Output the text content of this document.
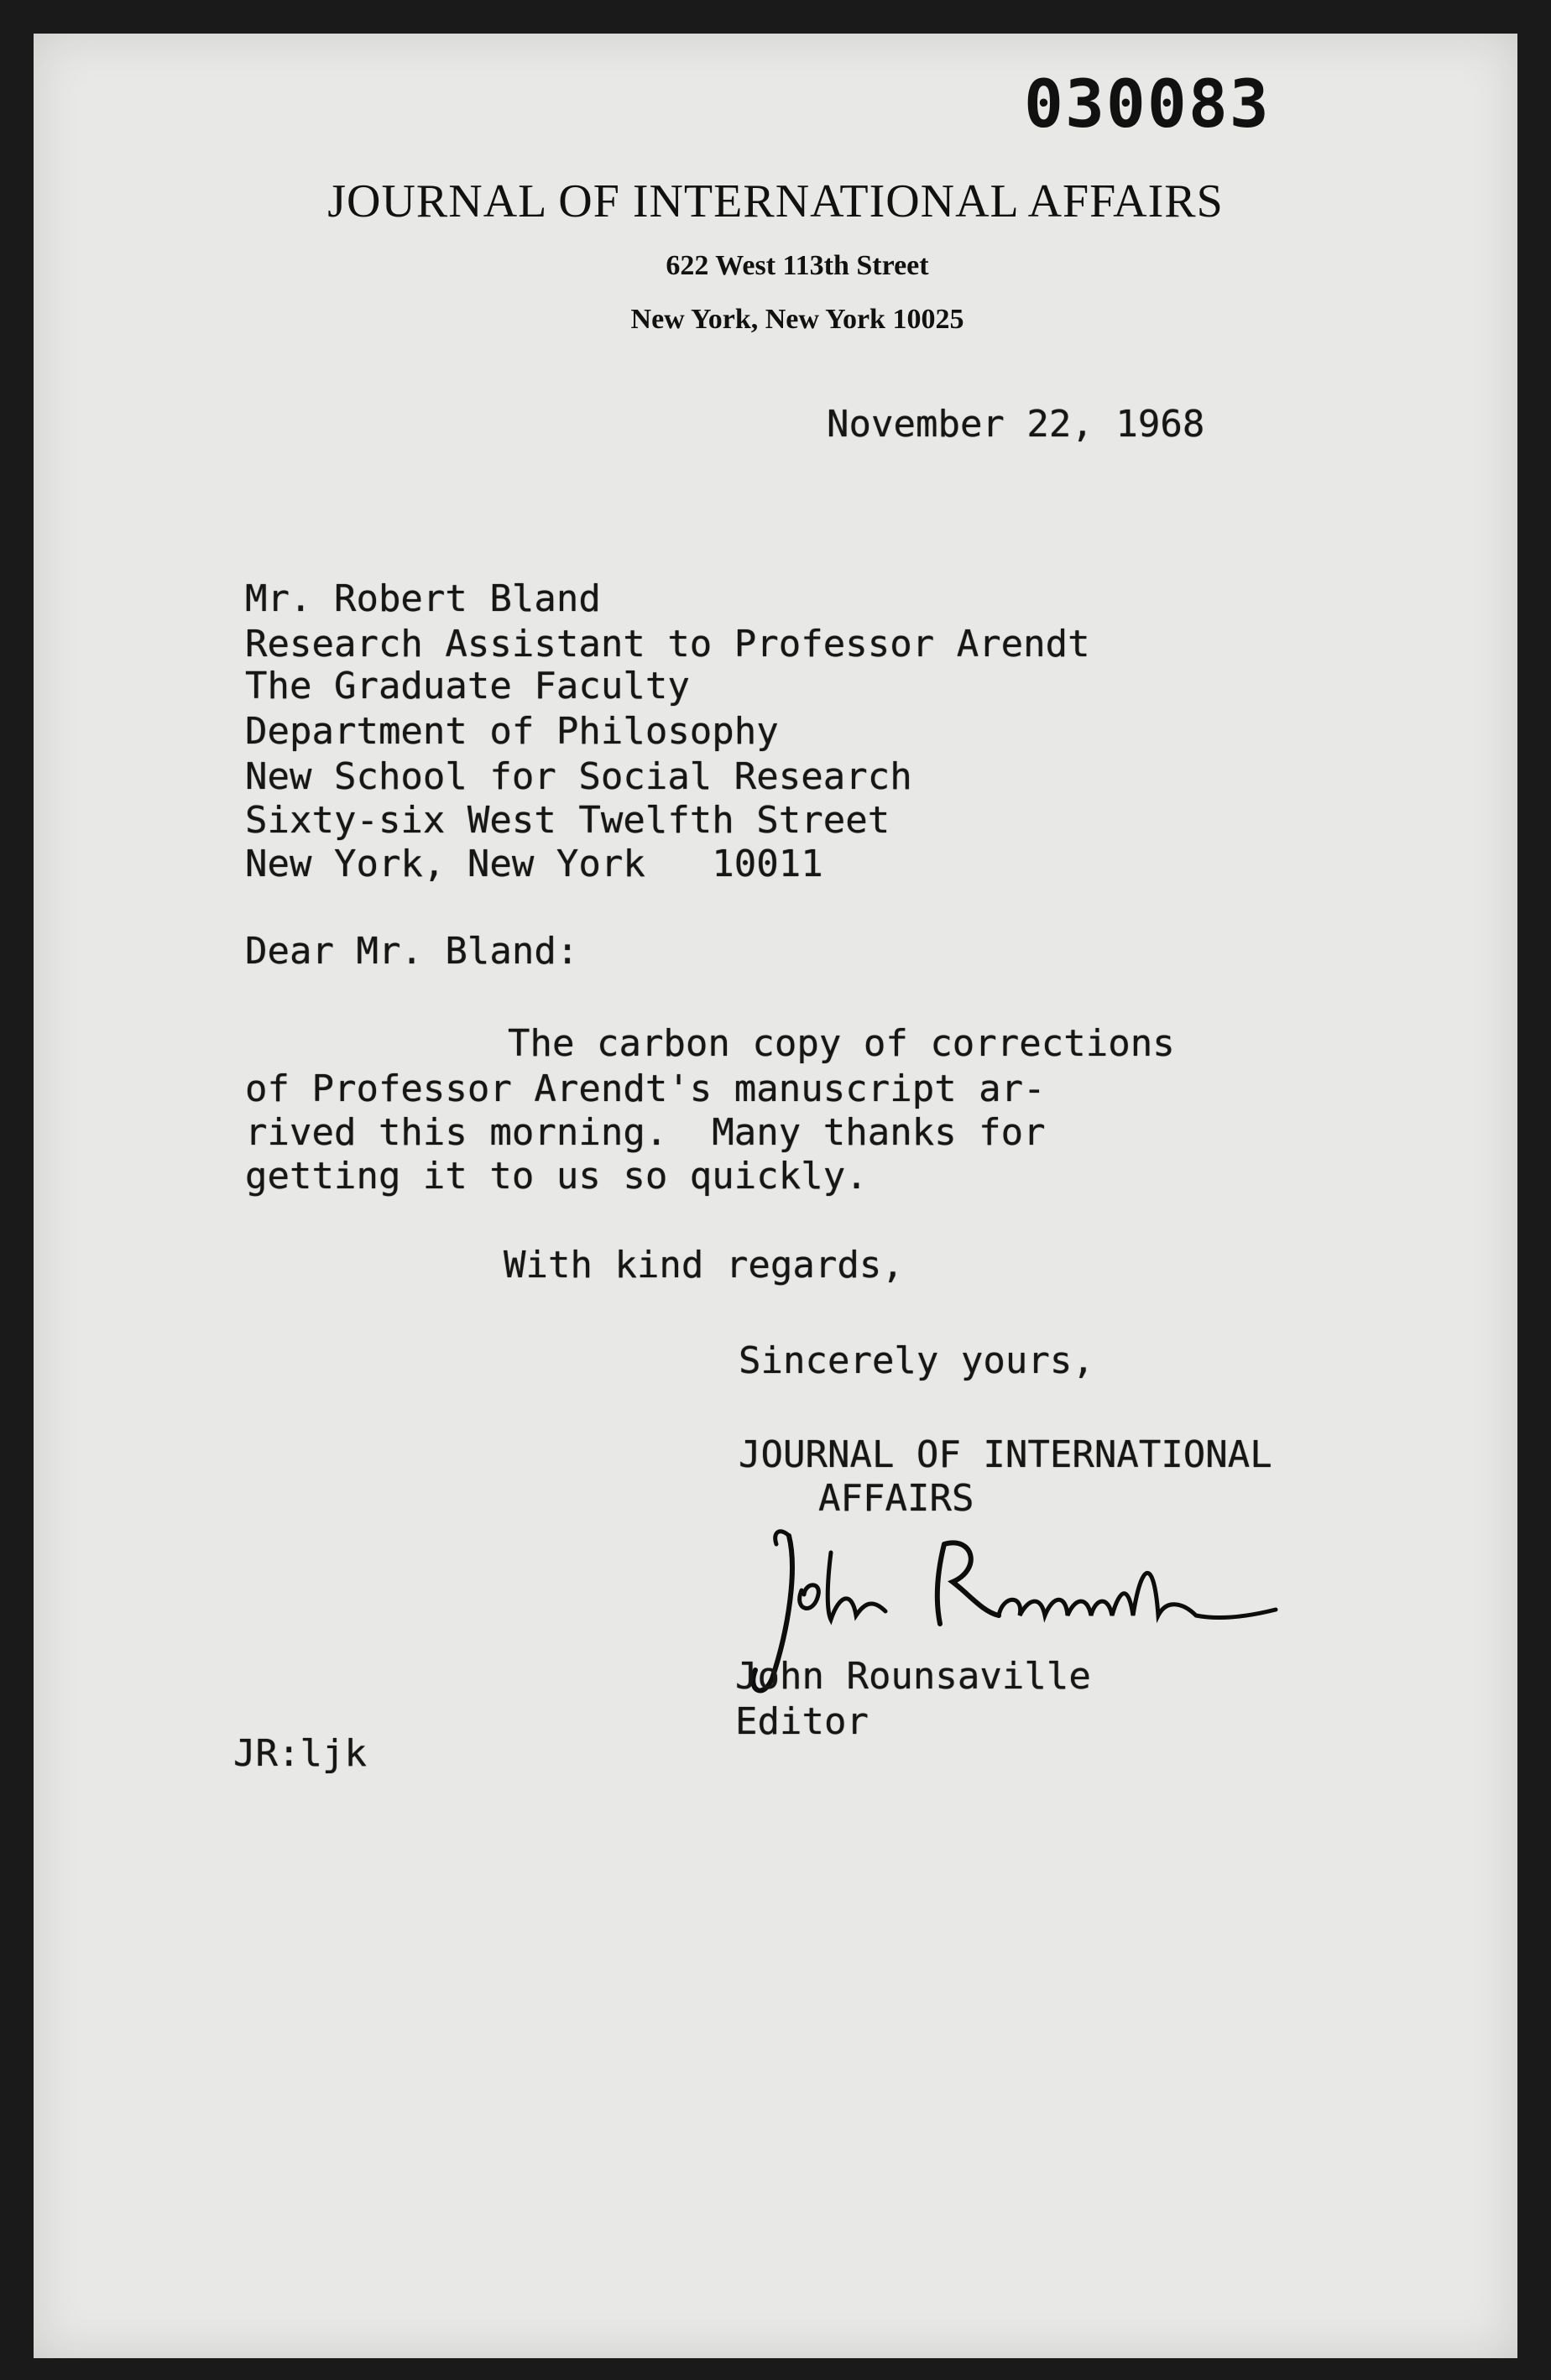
030083
JOURNAL OF INTERNATIONAL AFFAIRS
622 West 113th Street
New York, New York 10025
November 22, 1968
Mr. Robert Bland
Research Assistant to Professor Arendt
The Graduate Faculty
Department of Philosophy
New School for Social Research
Sixty-six West Twelfth Street
New York, New York   10011
Dear Mr. Bland:
The carbon copy of corrections
of Professor Arendt's manuscript ar-
rived this morning.  Many thanks for
getting it to us so quickly.
With kind regards,
Sincerely yours,
JOURNAL OF INTERNATIONAL
AFFAIRS
John Rounsaville
Editor
JR:ljk
